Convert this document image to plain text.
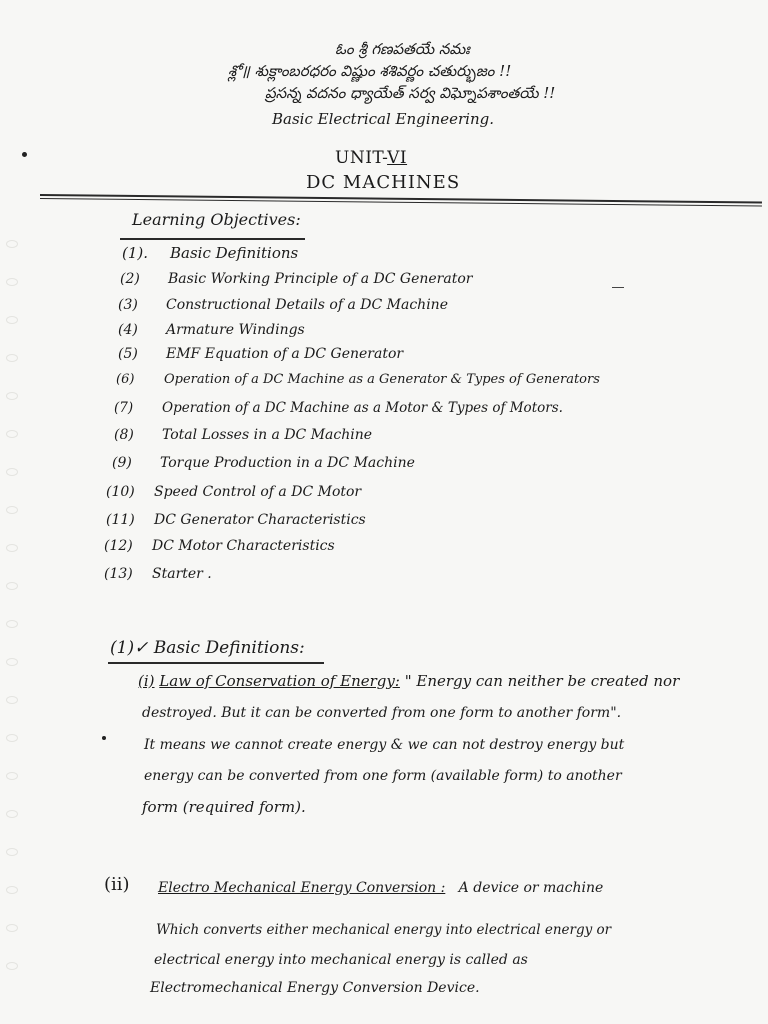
ఓం శ్రీ గణపతయే నమః
శ్లో॥ శుక్లాంబరధరం విష్ణుం శశివర్ణం చతుర్భుజం !!
ప్రసన్న వదనం ధ్యాయేత్ సర్వ విఘ్నోపశాంతయే !!
Basic Electrical Engineering.
UNIT-VI
DC MACHINES
Learning Objectives:
(1). Basic Definitions
(2) Basic Working Principle of a DC Generator
(3) Constructional Details of a DC Machine
(4) Armature Windings
(5) EMF Equation of a DC Generator
(6) Operation of a DC Machine as a Generator & Types of Generators
(7) Operation of a DC Machine as a Motor & Types of Motors.
(8) Total Losses in a DC Machine
(9) Torque Production in a DC Machine
(10) Speed Control of a DC Motor
(11) DC Generator Characteristics
(12) DC Motor Characteristics
(13) Starter .
(1)✓ Basic Definitions:
(i) Law of Conservation of Energy: " Energy can neither be created nor
destroyed. But it can be converted from one form to another form".
It means we cannot create energy & we can not destroy energy but
energy can be converted from one form (available form) to another
form (required form).
(ii) Electro Mechanical Energy Conversion : A device or machine
Which converts either mechanical energy into electrical energy or
electrical energy into mechanical energy is called as
Electromechanical Energy Conversion Device.
